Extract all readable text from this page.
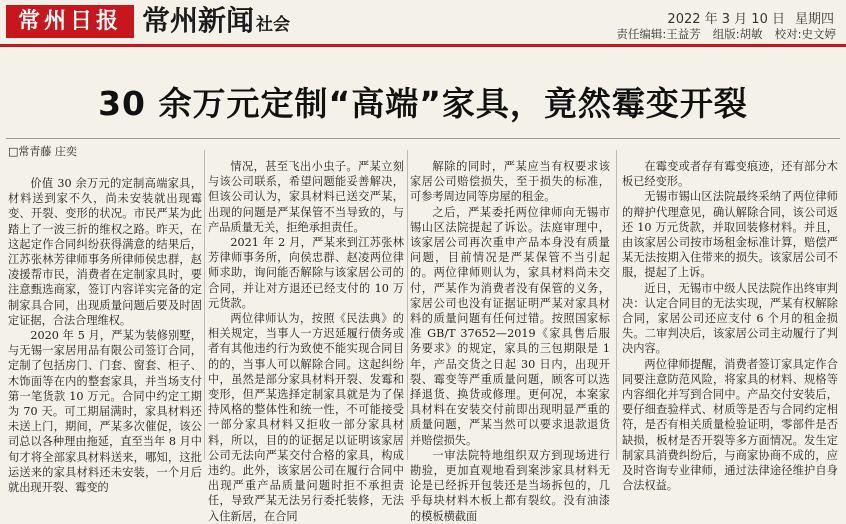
常州日报 常州新闻 社会	2022 年 3 月 10 日 星期四
责任编辑:王益芳 组版:胡敏 校对:史文婷
30 余万元定制“高端”家具，竟然霉变开裂
□常青藤 庄奕

价值 30 余万元的定制高端家具，材料送到家不久，尚未安装就出现霉变、开裂、变形的状况。市民严某为此踏上了一波三折的维权之路。昨天，在这起定作合同纠纷获得满意的结果后，江苏张林芳律师事务所律师侯忠群，赵凌援帮市民，消费者在定制家具时，要注意甄选商家，签订内容详实完备的定制家具合同，出现质量问题后要及时固定证据，合法合理维权。

2020 年 5 月，严某为装修别墅，与无锡一家居用品有限公司签订合同，定制了包括房门、门套、窗套、柜子、木饰面等在内的整套家具，并当场支付第一笔货款 10 万元。合同中约定工期为 70 天。可工期届满时，家具材料还未送上门，期间，严某多次催促，该公司总以各种理由拖延，直至当年 8 月中旬才将全部家具材料送来，哪知，这批运送来的家具材料还未安装，一个月后就出现开裂、霉变的

情况，甚至飞出小虫子。严某立刻与该公司联系，希望问题能妥善解决，但该公司认为，家具材料已送交严某，出现的问题是严某保管不当导致的，与产品质量无关，拒绝承担责任。

2021 年 2 月，严某来到江苏张林芳律师事务所，向侯忠群、赵凌两位律师求助，询问能否解除与该家居公司的合同，并让对方退还已经支付的 10 万元货款。

两位律师认为，按照《民法典》的相关规定，当事人一方迟延履行债务或者有其他违约行为致使不能实现合同目的的，当事人可以解除合同。这起纠纷中，虽然是部分家具材料开裂、发霉和变形，但严某选择定制家具就是为了保持风格的整体性和统一性，不可能接受一部分家具材料又拒收一部分家具材料，所以，目的的证据足以证明该家居公司无法向严某交付合格的家具，构成违约。此外，该家居公司在履行合同中出现严重产品质量问题时拒不承担责任，导致严某无法另行委托装修，无法入住新居，在合同

解除的同时，严某应当有权要求该家居公司赔偿损失，至于损失的标准，可参考周边同等房屋的租金。

之后，严某委托两位律师向无锡市锡山区法院提起了诉讼。法庭审理中，该家居公司再次重申产品本身没有质量问题，目前情况是严某保管不当引起的。两位律师则认为，家具材料尚未交付，严某作为消费者没有保管的义务，家居公司也没有证据证明严某对家具材料的质量问题有任何过错。按照国家标准 GB/T 37652—2019《家具售后服务要求》的规定，家具的三包期限是 1 年，产品交货之日起 30 日内，出现开裂、霉变等严重质量问题，顾客可以选择退货、换货或修理。更何况，本案家具材料在安装交付前即出现明显严重的质量问题，严某当然可以要求退款退货并赔偿损失。

一审法院特地组织双方到现场进行勘验，更加直观地看到案涉家具材料无论是已经拆开包装还是当场拆包的，几乎每块材料木板上都有裂纹。没有油漆的模板横截面

在霉变或者存有霉变痕迹，还有部分木板已经变形。

无锡市锡山区法院最终采纳了两位律师的辩护代理意见，确认解除合同，该公司返还 10 万元货款，并取回装修材料。并且，由该家居公司按市场租金标准计算，赔偿严某无法按期入住带来的损失。该家居公司不服，提起了上诉。

近日，无锡市中级人民法院作出终审判决：认定合同目的无法实现，严某有权解除合同，家居公司还应支付 6 个月的租金损失。二审判决后，该家居公司主动履行了判决内容。

两位律师提醒，消费者签订家具定作合同要注意防范风险，将家具的材料、规格等内容细化并写到合同中。产品交付安装后，要仔细查验样式、材质等是否与合同约定相符，是否有相关质量检验证明，零部件是否缺损，板材是否开裂等多方面情况。发生定制家具消费纠纷后，与商家协商不成的，应及时咨询专业律师，通过法律途径维护自身合法权益。
